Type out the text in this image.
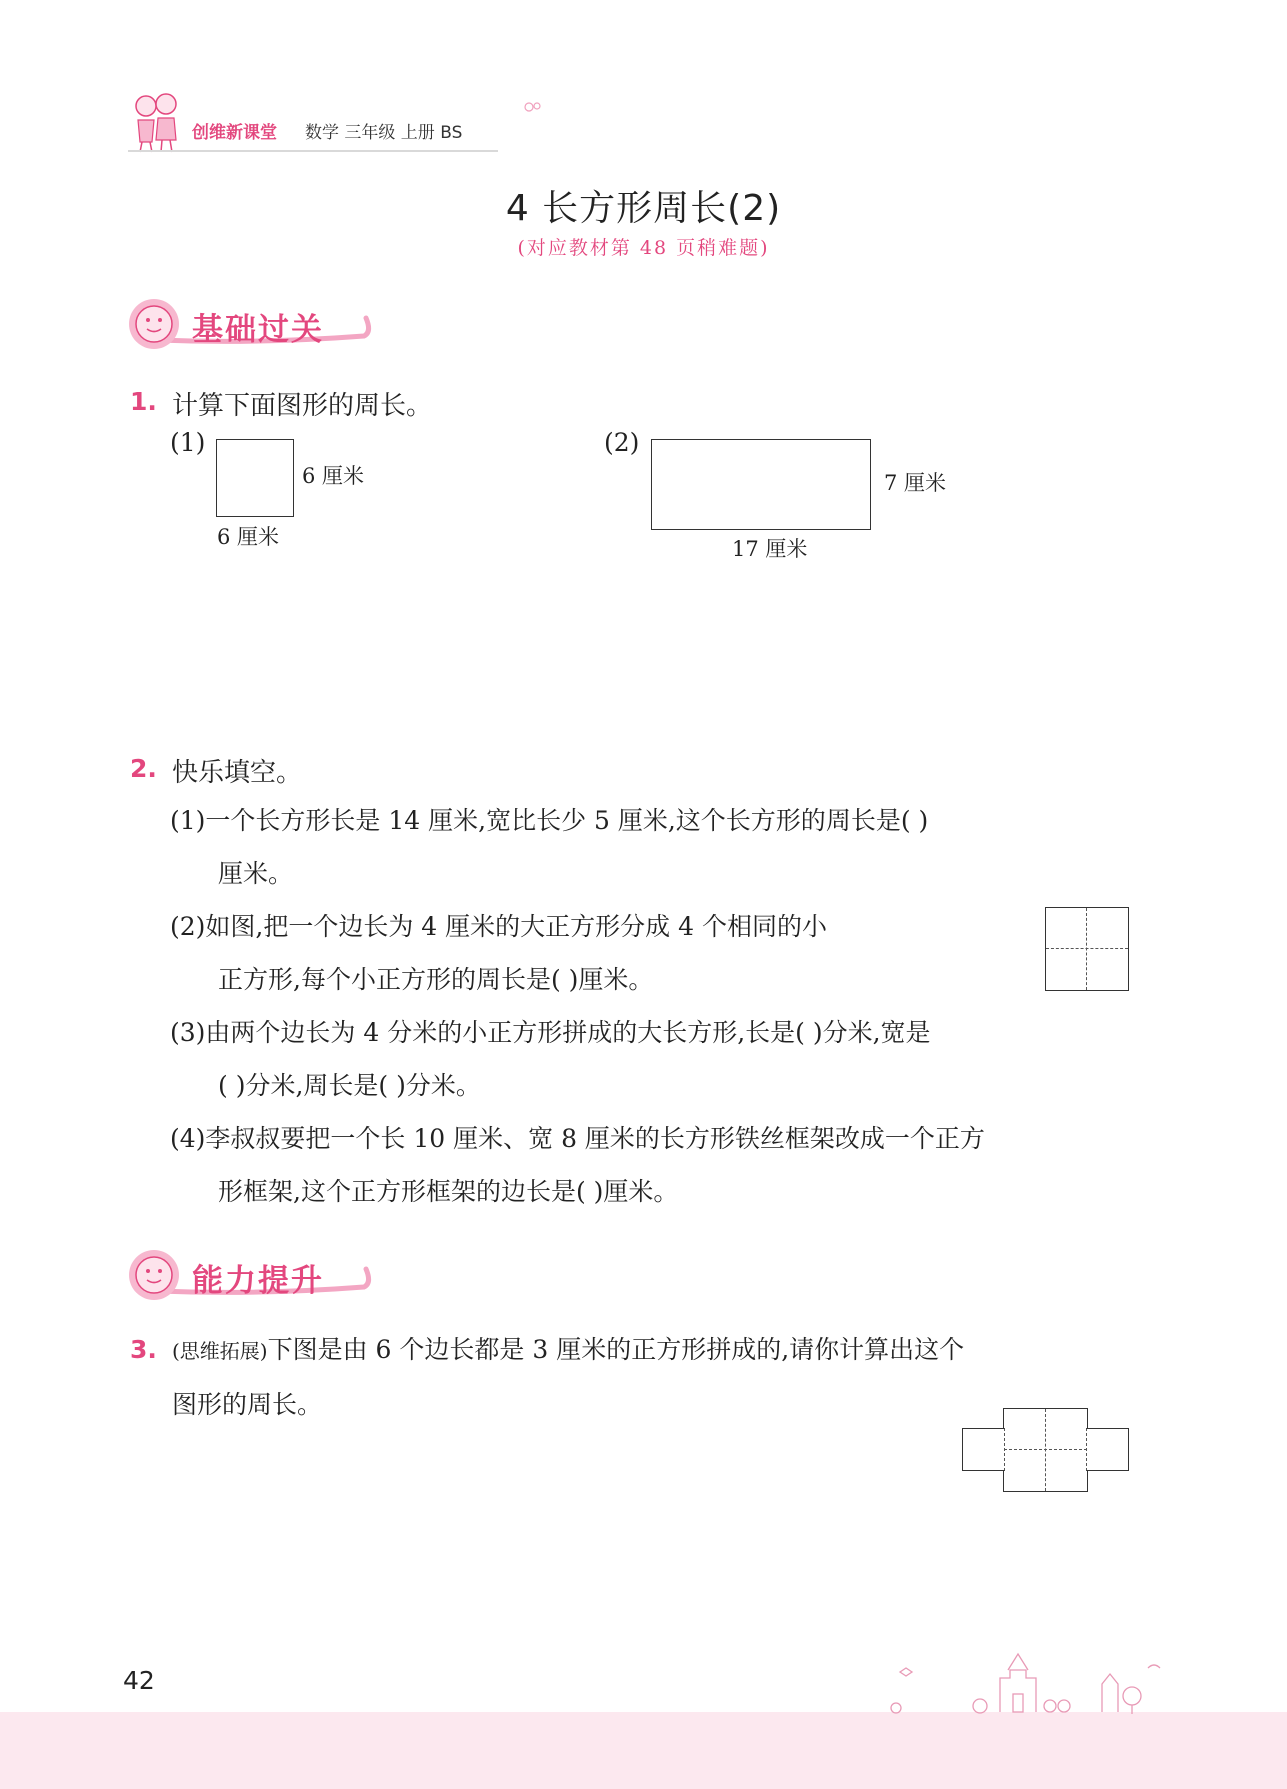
创维新课堂 数学 三年级 上册 BS
4 长方形周长(2)
(对应教材第 48 页稍难题)
基础过关
1. 计算下面图形的周长。
(1)
6 厘米
6 厘米
(2)
7 厘米
17 厘米
2. 快乐填空。
(1)一个长方形长是 14 厘米,宽比长少 5 厘米,这个长方形的周长是( )
厘米。
(2)如图,把一个边长为 4 厘米的大正方形分成 4 个相同的小
正方形,每个小正方形的周长是( )厘米。
(3)由两个边长为 4 分米的小正方形拼成的大长方形,长是( )分米,宽是
( )分米,周长是( )分米。
(4)李叔叔要把一个长 10 厘米、宽 8 厘米的长方形铁丝框架改成一个正方
形框架,这个正方形框架的边长是( )厘米。
能力提升
3. (思维拓展)下图是由 6 个边长都是 3 厘米的正方形拼成的,请你计算出这个
图形的周长。
42
